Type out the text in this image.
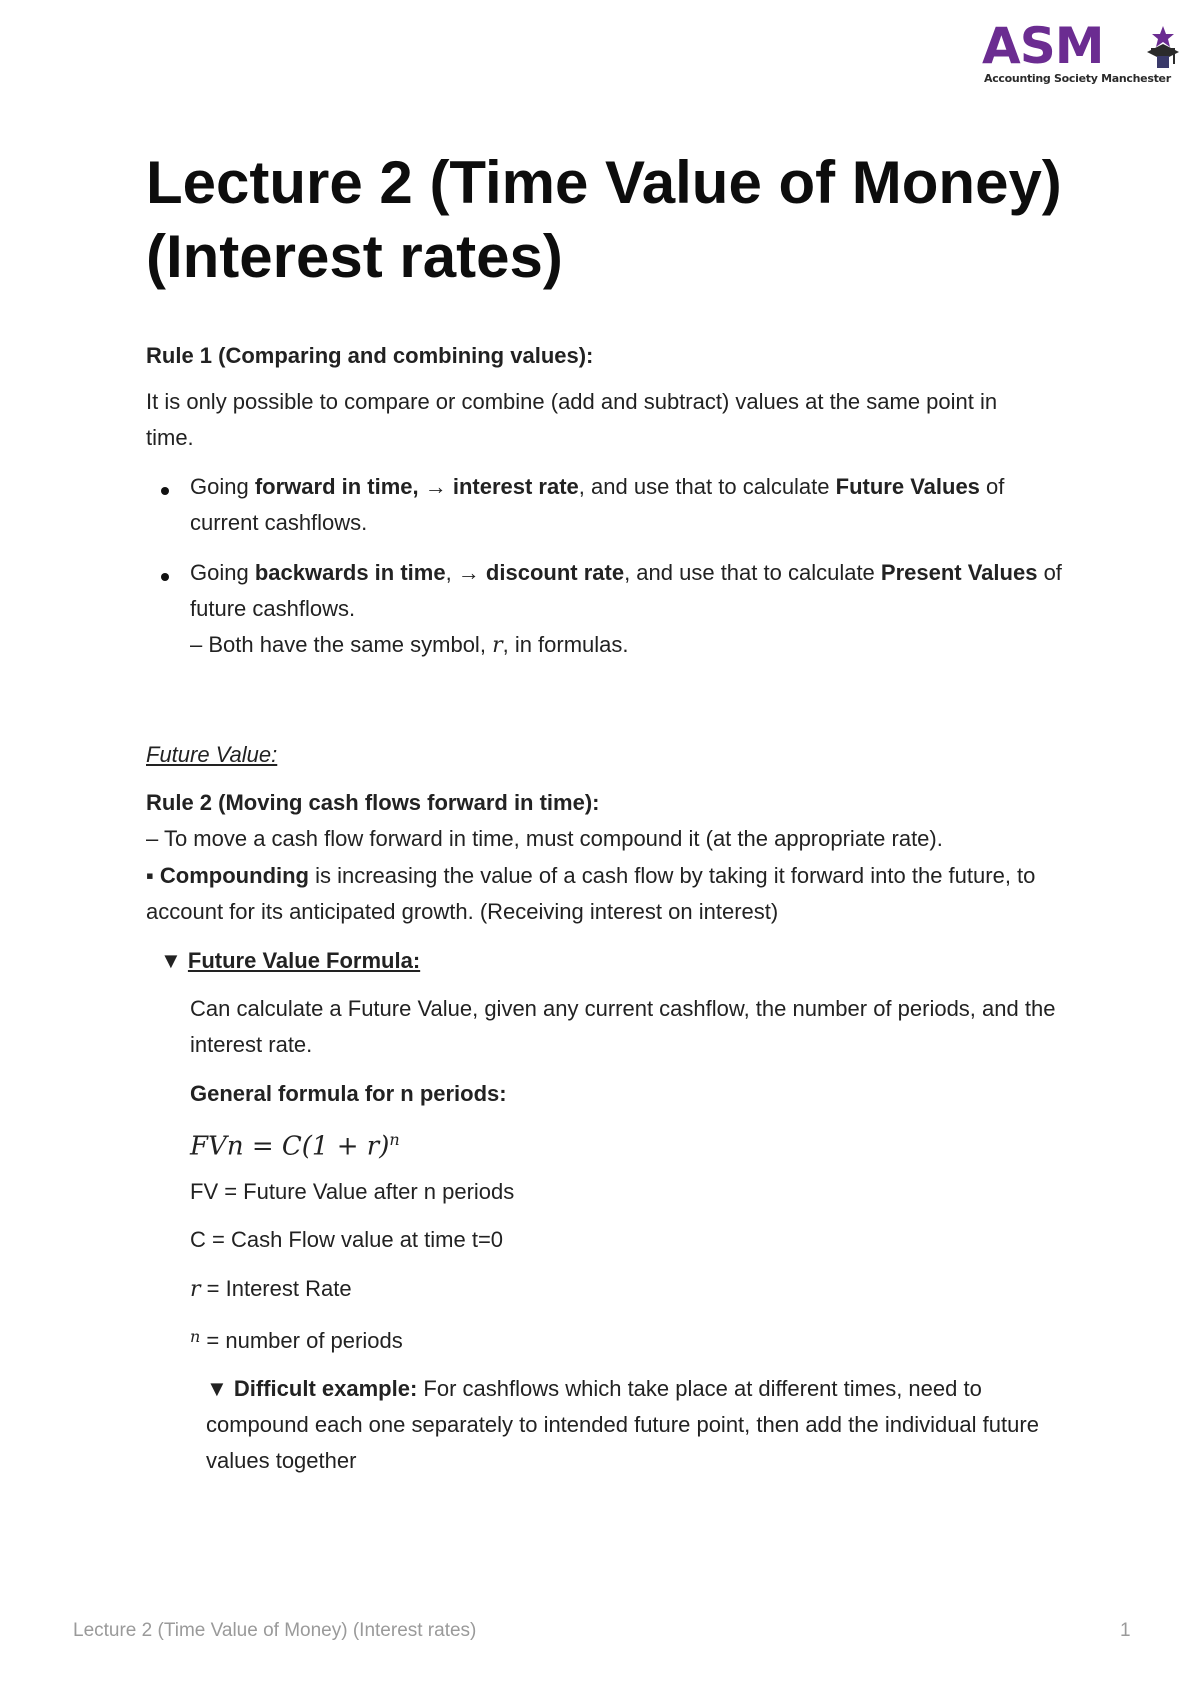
ASM
Accounting Society Manchester
Lecture 2 (Time Value of Money) (Interest rates)

Rule 1 (Comparing and combining values):

It is only possible to compare or combine (add and subtract) values at the same point in time.

Going forward in time, → interest rate, and use that to calculate Future Values of current cashflows.

Going backwards in time, → discount rate, and use that to calculate Present Values of future cashflows.
– Both have the same symbol, r, in formulas.

Future Value:

Rule 2 (Moving cash flows forward in time):

– To move a cash flow forward in time, must compound it (at the appropriate rate).

▪ Compounding is increasing the value of a cash flow by taking it forward into the future, to account for its anticipated growth. (Receiving interest on interest)

▼ Future Value Formula:

Can calculate a Future Value, given any current cashflow, the number of periods, and the interest rate.

General formula for n periods:

FVn = $C(1 + r)^n$

FV = Future Value after n periods

C = Cash Flow value at time t=0

r = Interest Rate

$^n$ = number of periods

▼ Difficult example: For cashflows which take place at different times, need to compound each one separately to intended future point, then add the individual future values together

Lecture 2 (Time Value of Money) (Interest rates)	1
